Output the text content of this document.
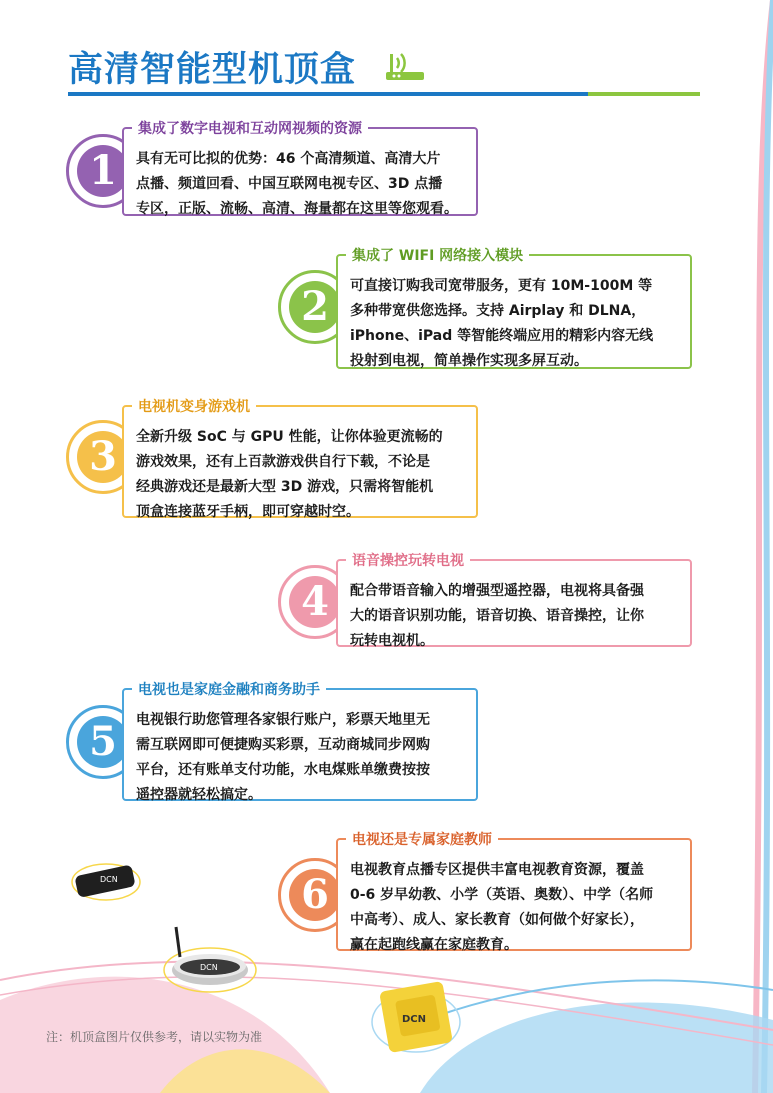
高清智能型机顶盒
1
集成了数字电视和互动网视频的资源
具有无可比拟的优势：46 个高清频道、高清大片
点播、频道回看、中国互联网电视专区、3D 点播
专区，正版、流畅、高清、海量都在这里等您观看。
2
集成了 WIFI 网络接入模块
可直接订购我司宽带服务，更有 10M-100M 等
多种带宽供您选择。支持 Airplay 和 DLNA，
iPhone、iPad 等智能终端应用的精彩内容无线
投射到电视，简单操作实现多屏互动。
3
电视机变身游戏机
全新升级 SoC 与 GPU 性能，让你体验更流畅的
游戏效果，还有上百款游戏供自行下载，不论是
经典游戏还是最新大型 3D 游戏，只需将智能机
顶盒连接蓝牙手柄，即可穿越时空。
4
语音操控玩转电视
配合带语音输入的增强型遥控器，电视将具备强
大的语音识别功能，语音切换、语音操控，让你
玩转电视机。
5
电视也是家庭金融和商务助手
电视银行助您管理各家银行账户，彩票天地里无
需互联网即可便捷购买彩票，互动商城同步网购
平台，还有账单支付功能，水电煤账单缴费按按
遥控器就轻松搞定。
6
电视还是专属家庭教师
电视教育点播专区提供丰富电视教育资源，覆盖
0-6 岁早幼教、小学（英语、奥数）、中学（名师
中高考）、成人、家长教育（如何做个好家长），
赢在起跑线赢在家庭教育。
DCN
DCN
DCN
注：机顶盒图片仅供参考，请以实物为准
